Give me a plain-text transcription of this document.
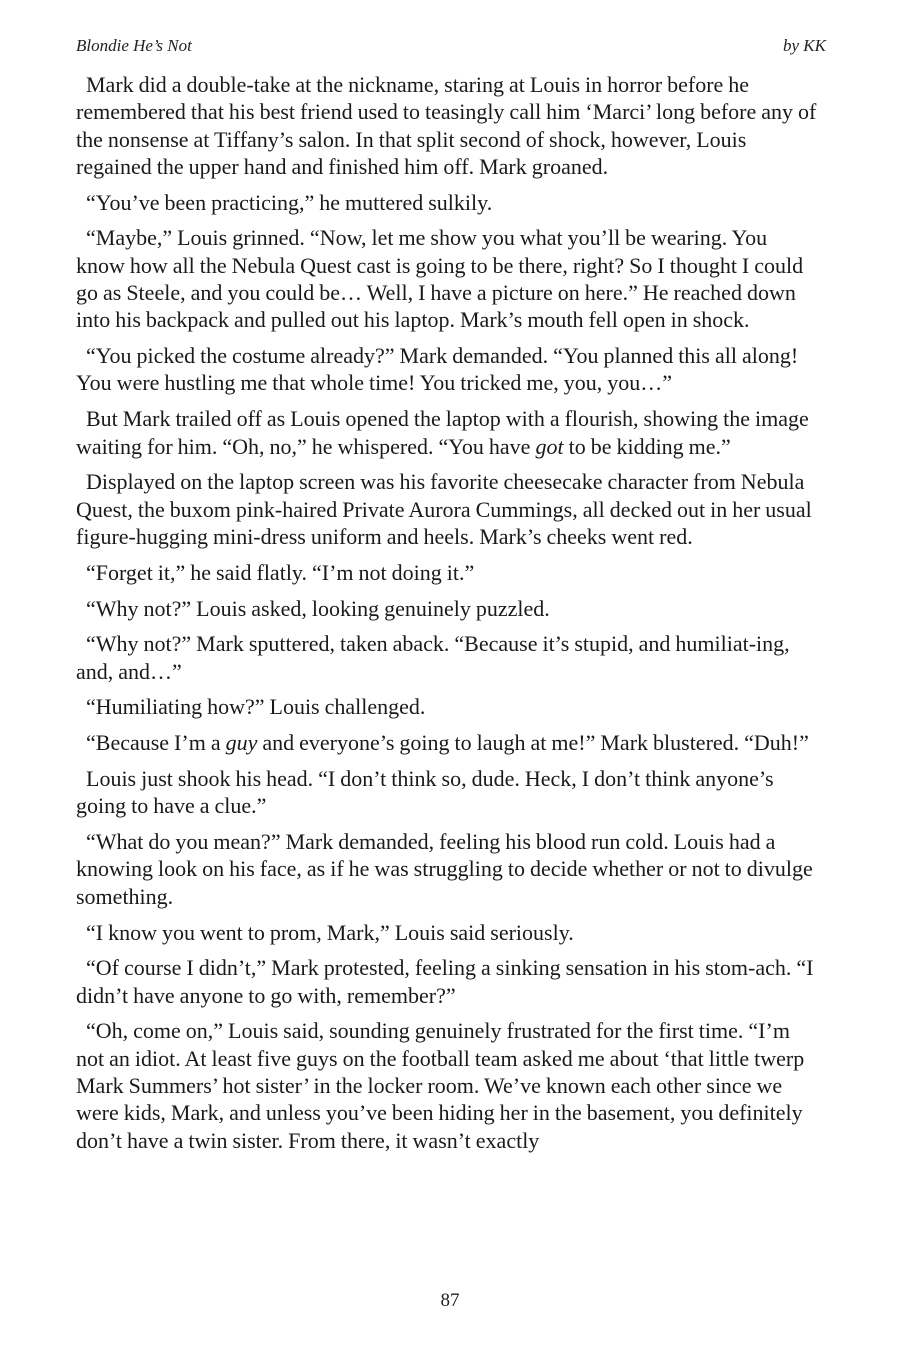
Blondie He’s Not	by KK

Mark did a double-take at the nickname, staring at Louis in horror before he remembered that his best friend used to teasingly call him ‘Marci’ long before any of the nonsense at Tiffany’s salon. In that split second of shock, however, Louis regained the upper hand and finished him off. Mark groaned.

“You’ve been practicing,” he muttered sulkily.

“Maybe,” Louis grinned. “Now, let me show you what you’ll be wearing. You know how all the Nebula Quest cast is going to be there, right? So I thought I could go as Steele, and you could be… Well, I have a picture on here.” He reached down into his backpack and pulled out his laptop. Mark’s mouth fell open in shock.

“You picked the costume already?” Mark demanded. “You planned this all along! You were hustling me that whole time! You tricked me, you, you…”

But Mark trailed off as Louis opened the laptop with a flourish, showing the image waiting for him. “Oh, no,” he whispered. “You have got to be kidding me.”

Displayed on the laptop screen was his favorite cheesecake character from Nebula Quest, the buxom pink-haired Private Aurora Cummings, all decked out in her usual figure-hugging mini-dress uniform and heels. Mark’s cheeks went red.

“Forget it,” he said flatly. “I’m not doing it.”

“Why not?” Louis asked, looking genuinely puzzled.

“Why not?” Mark sputtered, taken aback. “Because it’s stupid, and humiliat-ing, and, and…”

“Humiliating how?” Louis challenged.

“Because I’m a guy and everyone’s going to laugh at me!” Mark blustered. “Duh!”

Louis just shook his head. “I don’t think so, dude. Heck, I don’t think anyone’s going to have a clue.”

“What do you mean?” Mark demanded, feeling his blood run cold. Louis had a knowing look on his face, as if he was struggling to decide whether or not to divulge something.

“I know you went to prom, Mark,” Louis said seriously.

“Of course I didn’t,” Mark protested, feeling a sinking sensation in his stom-ach. “I didn’t have anyone to go with, remember?”

“Oh, come on,” Louis said, sounding genuinely frustrated for the first time. “I’m not an idiot. At least five guys on the football team asked me about ‘that little twerp Mark Summers’ hot sister’ in the locker room. We’ve known each other since we were kids, Mark, and unless you’ve been hiding her in the basement, you definitely don’t have a twin sister. From there, it wasn’t exactly

87
